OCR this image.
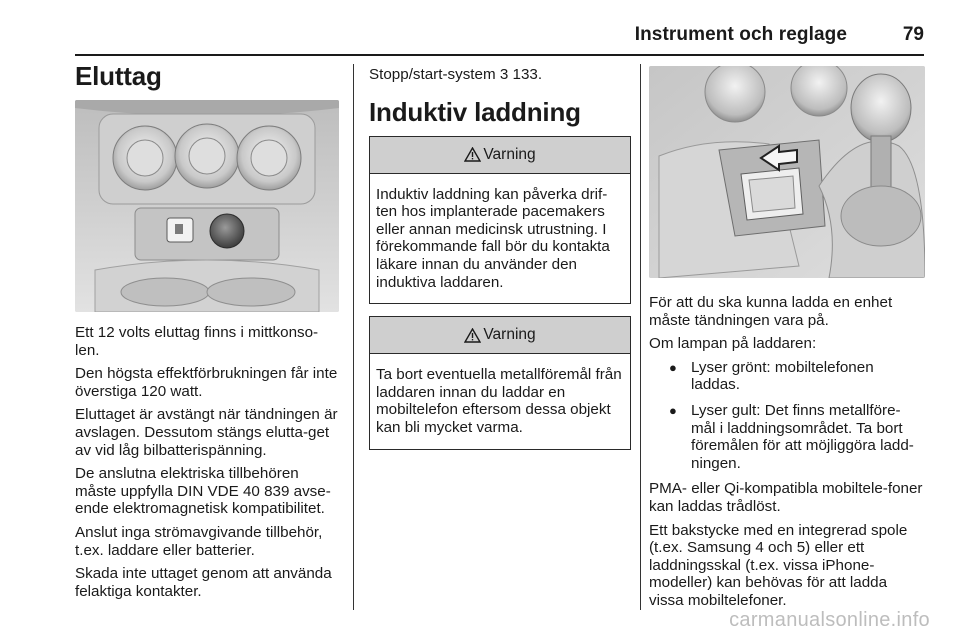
Instrument och reglage	79
Eluttag

Ett 12 volts eluttag finns i mittkonso-len.

Den högsta effektförbrukningen får inte överstiga 120 watt.

Eluttaget är avstängt när tändningen är avslagen. Dessutom stängs elutta-get av vid låg bilbatterispänning.

De anslutna elektriska tillbehören måste uppfylla DIN VDE 40 839 avse-ende elektromagnetisk kompatibilitet.

Anslut inga strömavgivande tillbehör, t.ex. laddare eller batterier.

Skada inte uttaget genom att använda felaktiga kontakter.

Stopp/start-system 3 133.

Induktiv laddning
Varning
Induktiv laddning kan påverka drif-ten hos implanterade pacemakers eller annan medicinsk utrustning. I förekommande fall bör du kontakta läkare innan du använder den induktiva laddaren.
Varning
Ta bort eventuella metallföremål från laddaren innan du laddar en mobiltelefon eftersom dessa objekt kan bli mycket varma.

För att du ska kunna ladda en enhet måste tändningen vara på.

Om lampan på laddaren:

● Lyser grönt: mobiltelefonen laddas.
● Lyser gult: Det finns metallföre-mål i laddningsområdet. Ta bort föremålen för att möjliggöra ladd-ningen.

PMA- eller Qi-kompatibla mobiltele-foner kan laddas trådlöst.

Ett bakstycke med en integrerad spole (t.ex. Samsung 4 och 5) eller ett laddningsskal (t.ex. vissa iPhone-modeller) kan behövas för att ladda vissa mobiltelefoner.

carmanualsonline.info
